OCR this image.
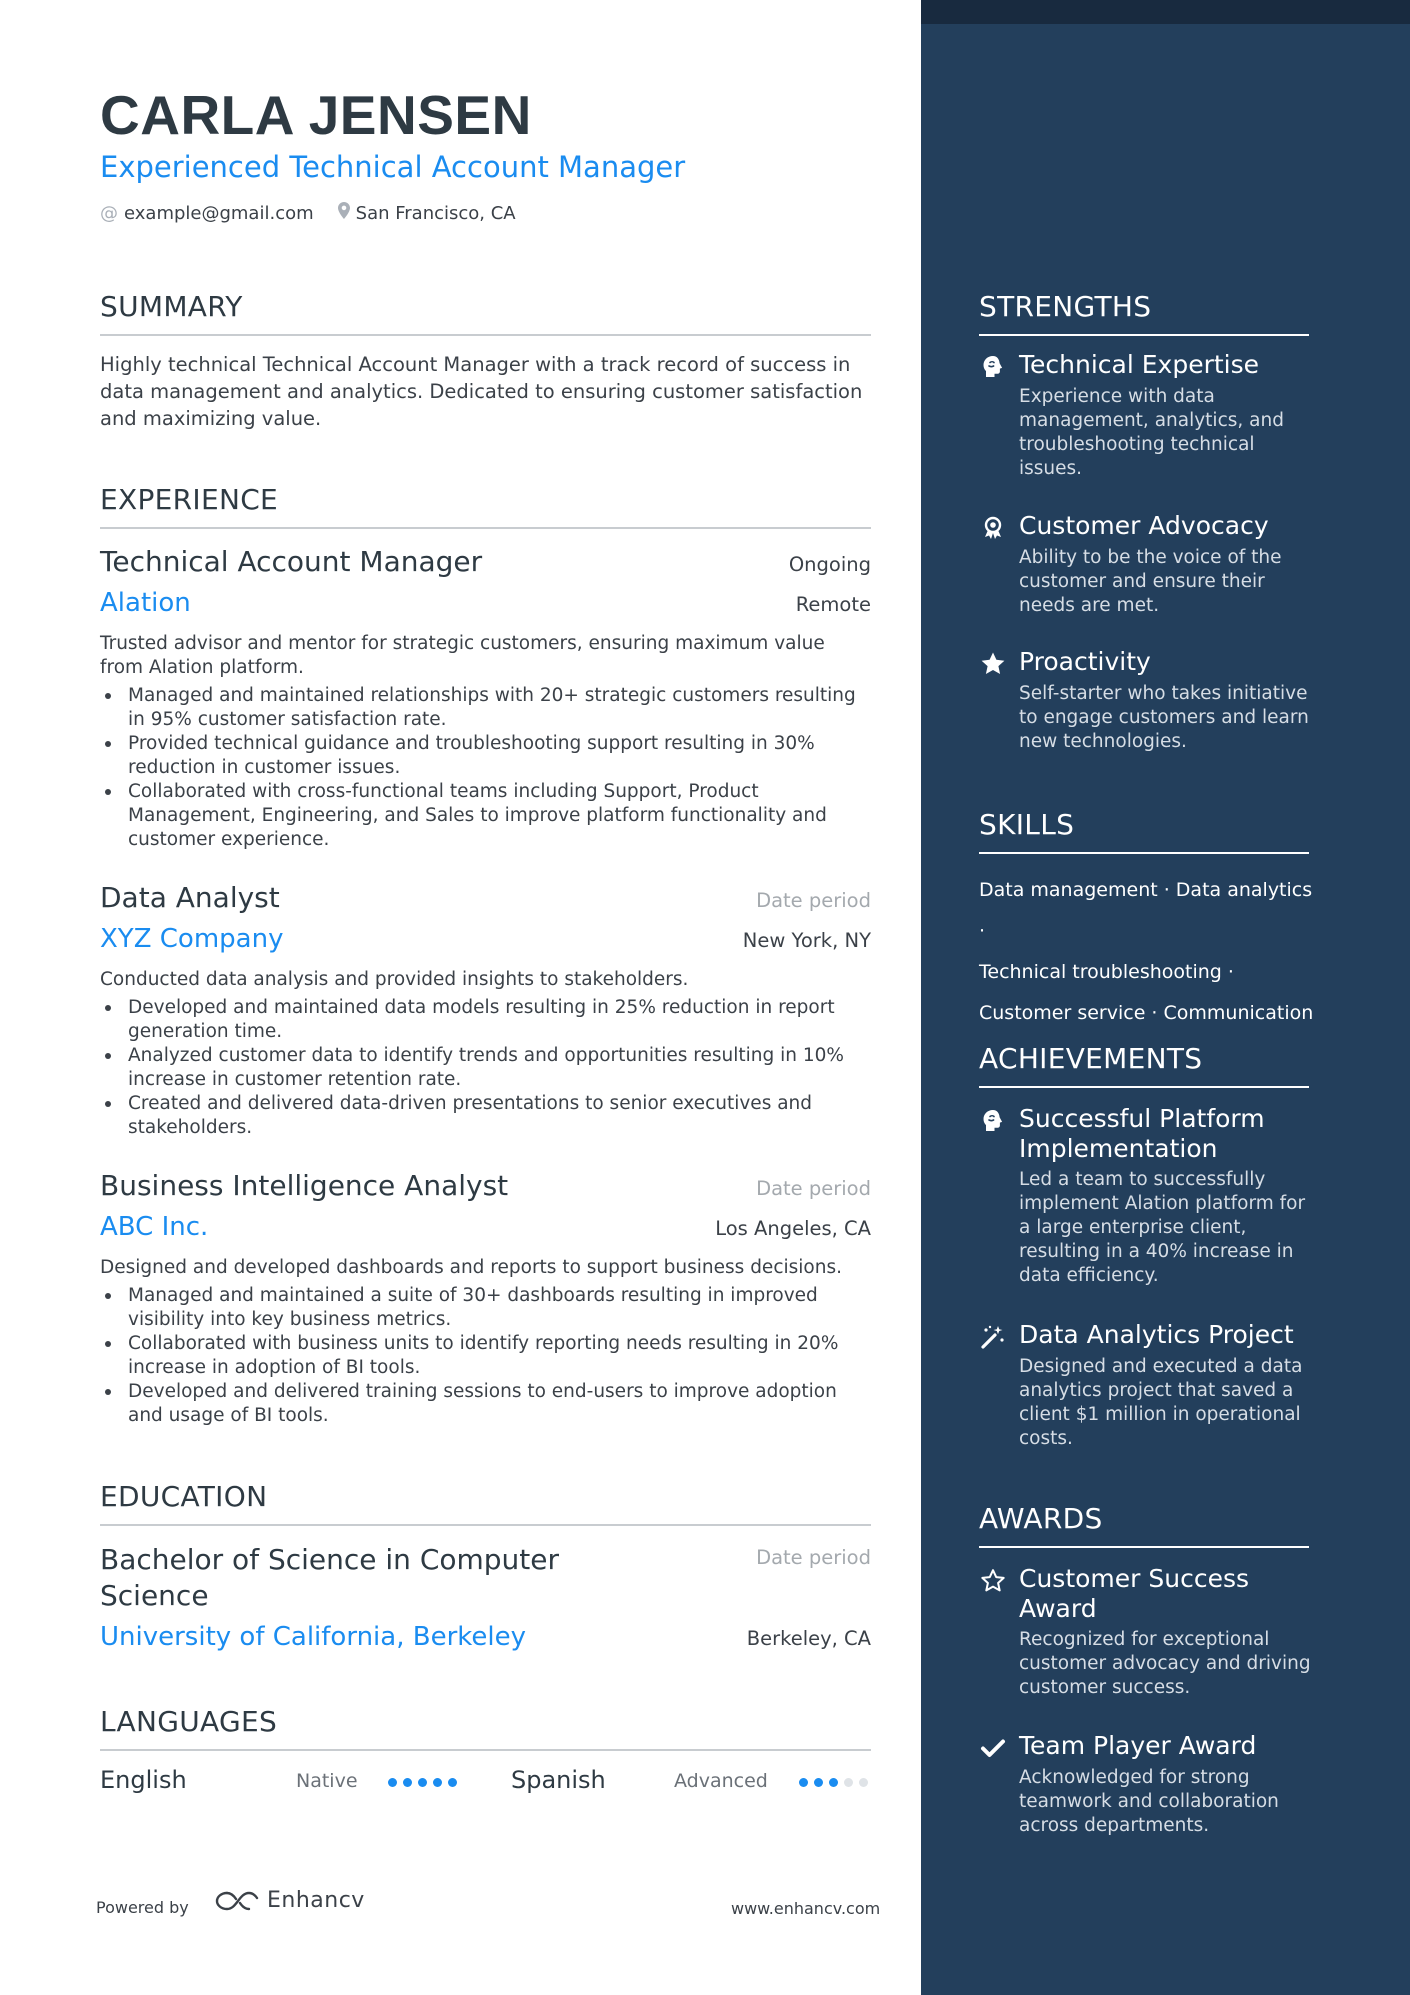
CARLA JENSEN
Experienced Technical Account Manager
@ example@gmail.com San Francisco, CA
SUMMARY
Highly technical Technical Account Manager with a track record of success in data management and analytics. Dedicated to ensuring customer satisfaction and maximizing value.
EXPERIENCE
Technical Account Manager	Ongoing
Alation	Remote
Trusted advisor and mentor for strategic customers, ensuring maximum value from Alation platform.
Managed and maintained relationships with 20+ strategic customers resulting in 95% customer satisfaction rate.
Provided technical guidance and troubleshooting support resulting in 30% reduction in customer issues.
Collaborated with cross-functional teams including Support, Product Management, Engineering, and Sales to improve platform functionality and customer experience.
Data Analyst	Date period
XYZ Company	New York, NY
Conducted data analysis and provided insights to stakeholders.
Developed and maintained data models resulting in 25% reduction in report generation time.
Analyzed customer data to identify trends and opportunities resulting in 10% increase in customer retention rate.
Created and delivered data-driven presentations to senior executives and stakeholders.
Business Intelligence Analyst	Date period
ABC Inc.	Los Angeles, CA
Designed and developed dashboards and reports to support business decisions.
Managed and maintained a suite of 30+ dashboards resulting in improved visibility into key business metrics.
Collaborated with business units to identify reporting needs resulting in 20% increase in adoption of BI tools.
Developed and delivered training sessions to end-users to improve adoption and usage of BI tools.
EDUCATION
Bachelor of Science in Computer
Science
Date period
University of California, Berkeley	Berkeley, CA
LANGUAGES
English	Native	Spanish	Advanced
Powered by	Enhancv	www.enhancv.com
STRENGTHS
Technical Expertise
Experience with data
management, analytics, and
troubleshooting technical
issues.
Customer Advocacy
Ability to be the voice of the
customer and ensure their
needs are met.
Proactivity
Self-starter who takes initiative
to engage customers and learn
new technologies.
SKILLS
Data management · Data analytics ·
Technical troubleshooting ·
Customer service · Communication
ACHIEVEMENTS
Successful Platform
Implementation
Led a team to successfully
implement Alation platform for
a large enterprise client,
resulting in a 40% increase in
data efficiency.
Data Analytics Project
Designed and executed a data
analytics project that saved a
client $1 million in operational
costs.
AWARDS
Customer Success
Award
Recognized for exceptional
customer advocacy and driving
customer success.
Team Player Award
Acknowledged for strong
teamwork and collaboration
across departments.
